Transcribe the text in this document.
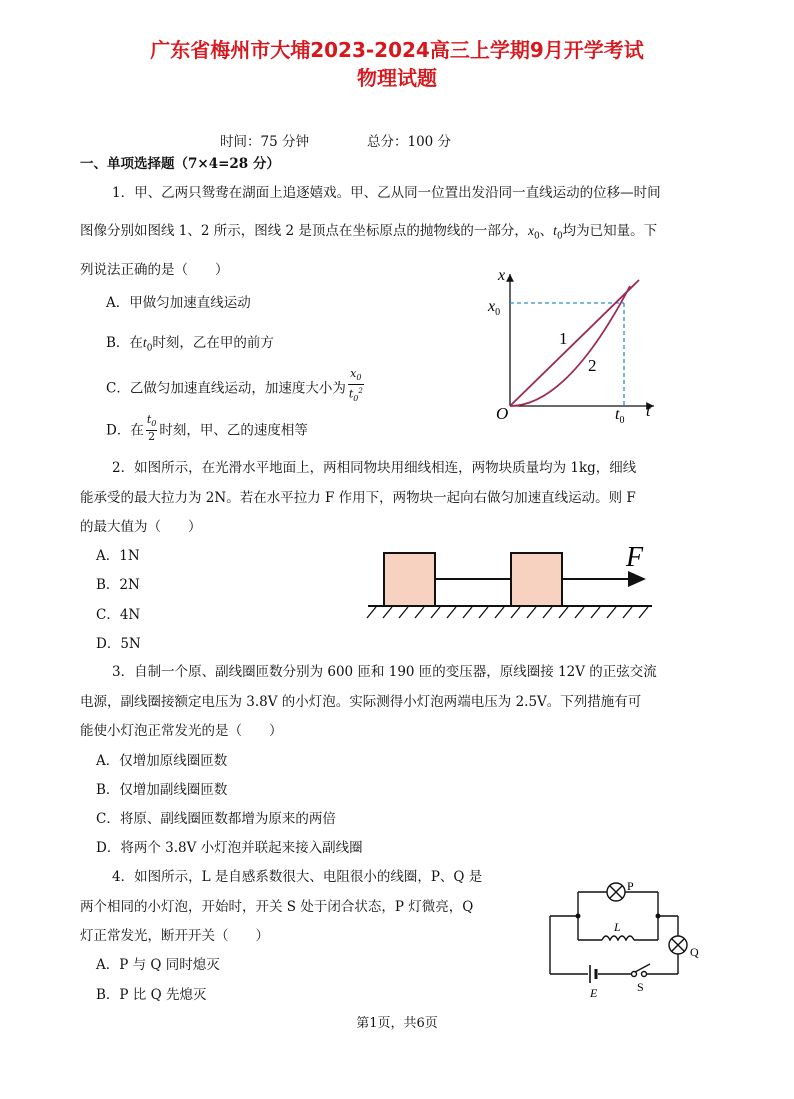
广东省梅州市大埔2023-2024高三上学期9月开学考试
物理试题
时间：75 分钟	总分：100 分
一、单项选择题（7×4=28 分）
1．甲、乙两只鸳鸯在湖面上追逐嬉戏。甲、乙从同一位置出发沿同一直线运动的位移—时间
图像分别如图线 1、2 所示，图线 2 是顶点在坐标原点的抛物线的一部分，$x_0$、$t_0$均为已知量。下
列说法正确的是（　　）
A．甲做匀加速直线运动
B．在$t_0$时刻，乙在甲的前方
C．乙做匀加速直线运动，加速度大小为 $\frac{x_0}{t_0^2}$
D．在 $\frac{t_0}{2}$ 时刻，甲、乙的速度相等
x
$x_0$
O	$t_0$
t
1
2
2．如图所示，在光滑水平地面上，两相同物块用细线相连，两物块质量均为 1kg，细线
能承受的最大拉力为 2N。若在水平拉力 F 作用下，两物块一起向右做匀加速直线运动。则 F
的最大值为（　　）
A．1N
B．2N
C．4N
D．5N
F
3．自制一个原、副线圈匝数分别为 600 匝和 190 匝的变压器，原线圈接 12V 的正弦交流
电源，副线圈接额定电压为 3.8V 的小灯泡。实际测得小灯泡两端电压为 2.5V。下列措施有可
能使小灯泡正常发光的是（　　）
A．仅增加原线圈匝数
B．仅增加副线圈匝数
C．将原、副线圈匝数都增为原来的两倍
D．将两个 3.8V 小灯泡并联起来接入副线圈
4．如图所示，L 是自感系数很大、电阻很小的线圈，P、Q 是
两个相同的小灯泡，开始时，开关 S 处于闭合状态，P 灯微亮，Q
灯正常发光，断开开关（　　）
A．P 与 Q 同时熄灭
B．P 比 Q 先熄灭
P
Q
L
E	S
第1页，共6页
